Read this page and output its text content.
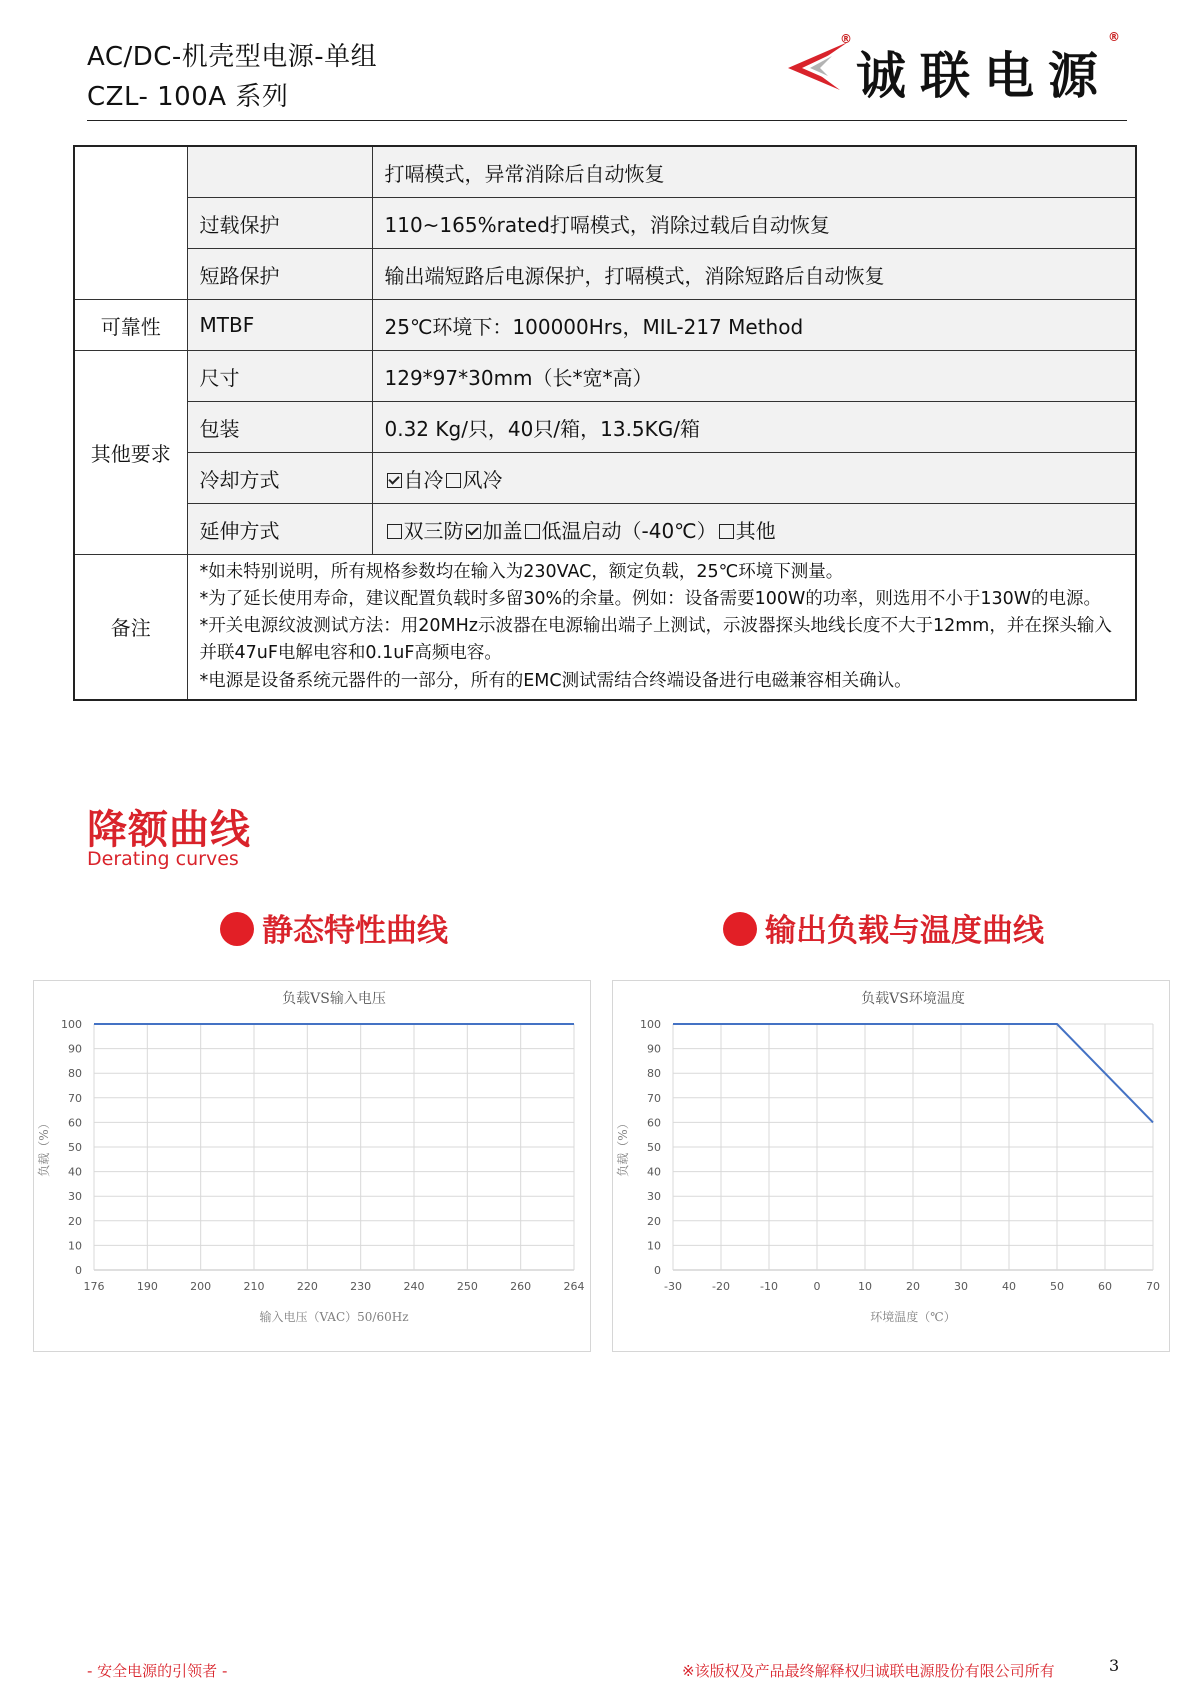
AC/DC-机壳型电源-单组
CZL- 100A 系列
®
诚联电源
®
		打嗝模式，异常消除后自动恢复
	过载保护	110~165%rated打嗝模式，消除过载后自动恢复
	短路保护	输出端短路后电源保护，打嗝模式，消除短路后自动恢复
可靠性	MTBF	25℃环境下：100000Hrs，MIL-217 Method
其他要求	尺寸	129*97*30mm（长*宽*高）
	包装	0.32 Kg/只，40只/箱，13.5KG/箱
	冷却方式	自冷 风冷
	延伸方式	双三防 加盖 低温启动（-40℃） 其他
备注	*如未特别说明，所有规格参数均在输入为230VAC，额定负载，25℃环境下测量。
*为了延长使用寿命，建议配置负载时多留30%的余量。例如：设备需要100W的功率，则选用不小于130W的电源。
*开关电源纹波测试方法：用20MHz示波器在电源输出端子上测试，示波器探头地线长度不大于12mm，并在探头输入并联47uF电解电容和0.1uF高频电容。
*电源是设备系统元器件的一部分，所有的EMC测试需结合终端设备进行电磁兼容相关确认。	
降额曲线
Derating curves
静态特性曲线	输出负载与温度曲线
负载VS输入电压
0
10
20
30
40
50
60
70
80
90
100
176	190	200	210	220	230	240	250	260	264
输入电压（VAC）50/60Hz
负载（%）
负载VS环境温度
0
10
20
30
40
50
60
70
80
90
100
-30	-20	-10	0	10	20	30	40	50	60	70
环境温度（℃）
负载（%）
- 安全电源的引领者 -	※该版权及产品最终解释权归诚联电源股份有限公司所有	3
